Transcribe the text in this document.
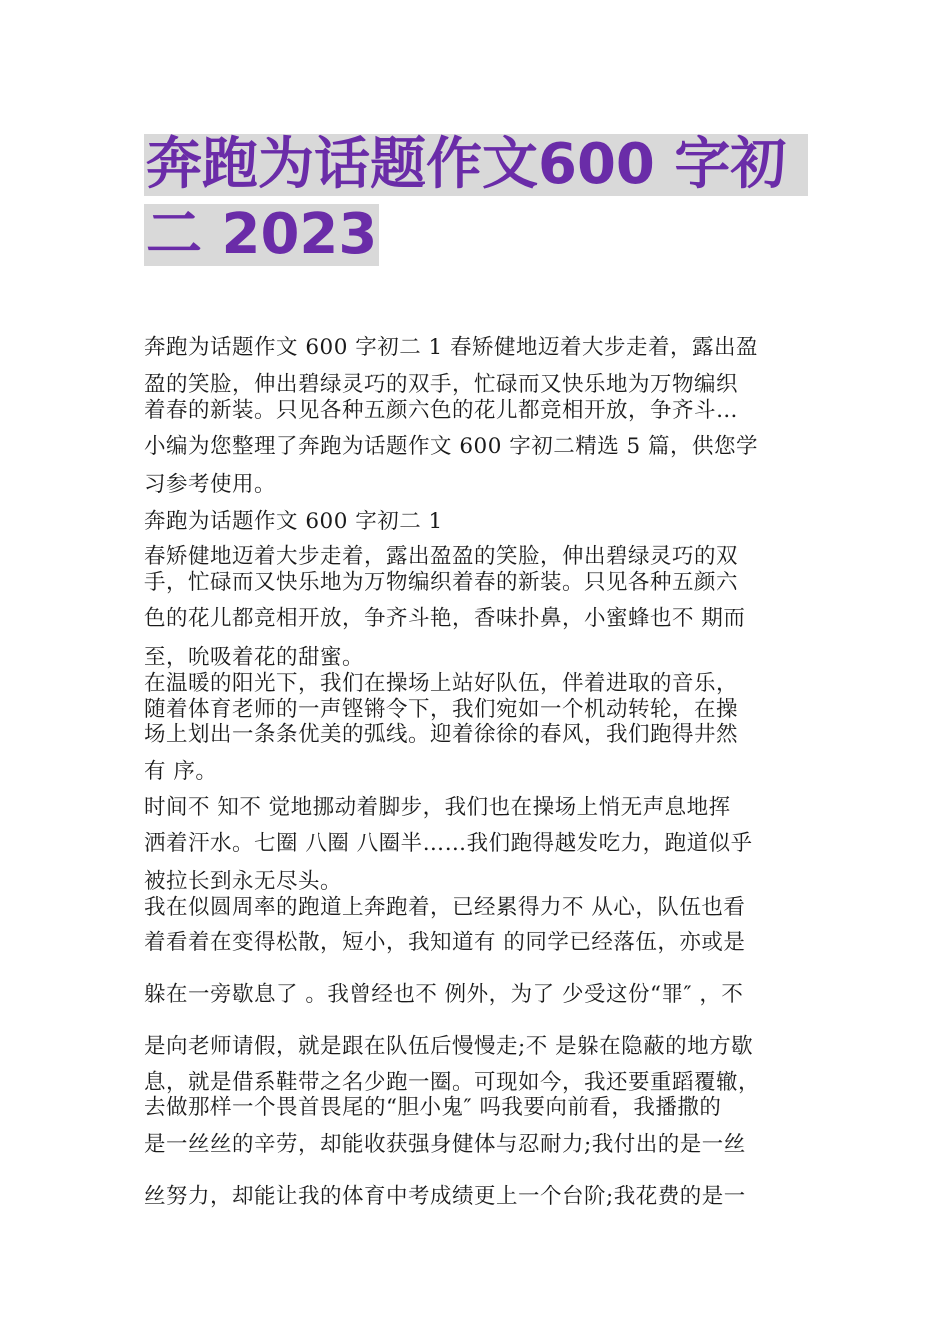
奔跑为话题作文600 字初
二 2023
奔跑为话题作文 600 字初二 1 春矫健地迈着大步走着，露出盈
盈的笑脸，伸出碧绿灵巧的双手，忙碌而又快乐地为万物编织
着春的新装。只见各种五颜六色的花儿都竞相开放，争齐斗…
小编为您整理了奔跑为话题作文 600 字初二精选 5 篇，供您学
习参考使用。
奔跑为话题作文 600 字初二 1
春矫健地迈着大步走着，露出盈盈的笑脸，伸出碧绿灵巧的双
手，忙碌而又快乐地为万物编织着春的新装。只见各种五颜六
色的花儿都竞相开放，争齐斗艳，香味扑鼻，小蜜蜂也不 期而
至，吮吸着花的甜蜜。
在温暖的阳光下，我们在操场上站好队伍，伴着进取的音乐，
随着体育老师的一声铿锵令下，我们宛如一个机动转轮，在操
场上划出一条条优美的弧线。迎着徐徐的春风，我们跑得井然
有 序。
时间不 知不 觉地挪动着脚步，我们也在操场上悄无声息地挥
洒着汗水。七圈 八圈 八圈半……我们跑得越发吃力，跑道似乎
被拉长到永无尽头。
我在似圆周率的跑道上奔跑着，已经累得力不 从心，队伍也看
着看着在变得松散，短小，我知道有 的同学已经落伍，亦或是
躲在一旁歇息了 。我曾经也不 例外，为了 少受这份“罪″ ，不
是向老师请假，就是跟在队伍后慢慢走;不 是躲在隐蔽的地方歇
息，就是借系鞋带之名少跑一圈。可现如今，我还要重蹈覆辙，
去做那样一个畏首畏尾的“胆小鬼″ 吗我要向前看，我播撒的
是一丝丝的辛劳，却能收获强身健体与忍耐力;我付出的是一丝
丝努力，却能让我的体育中考成绩更上一个台阶;我花费的是一
